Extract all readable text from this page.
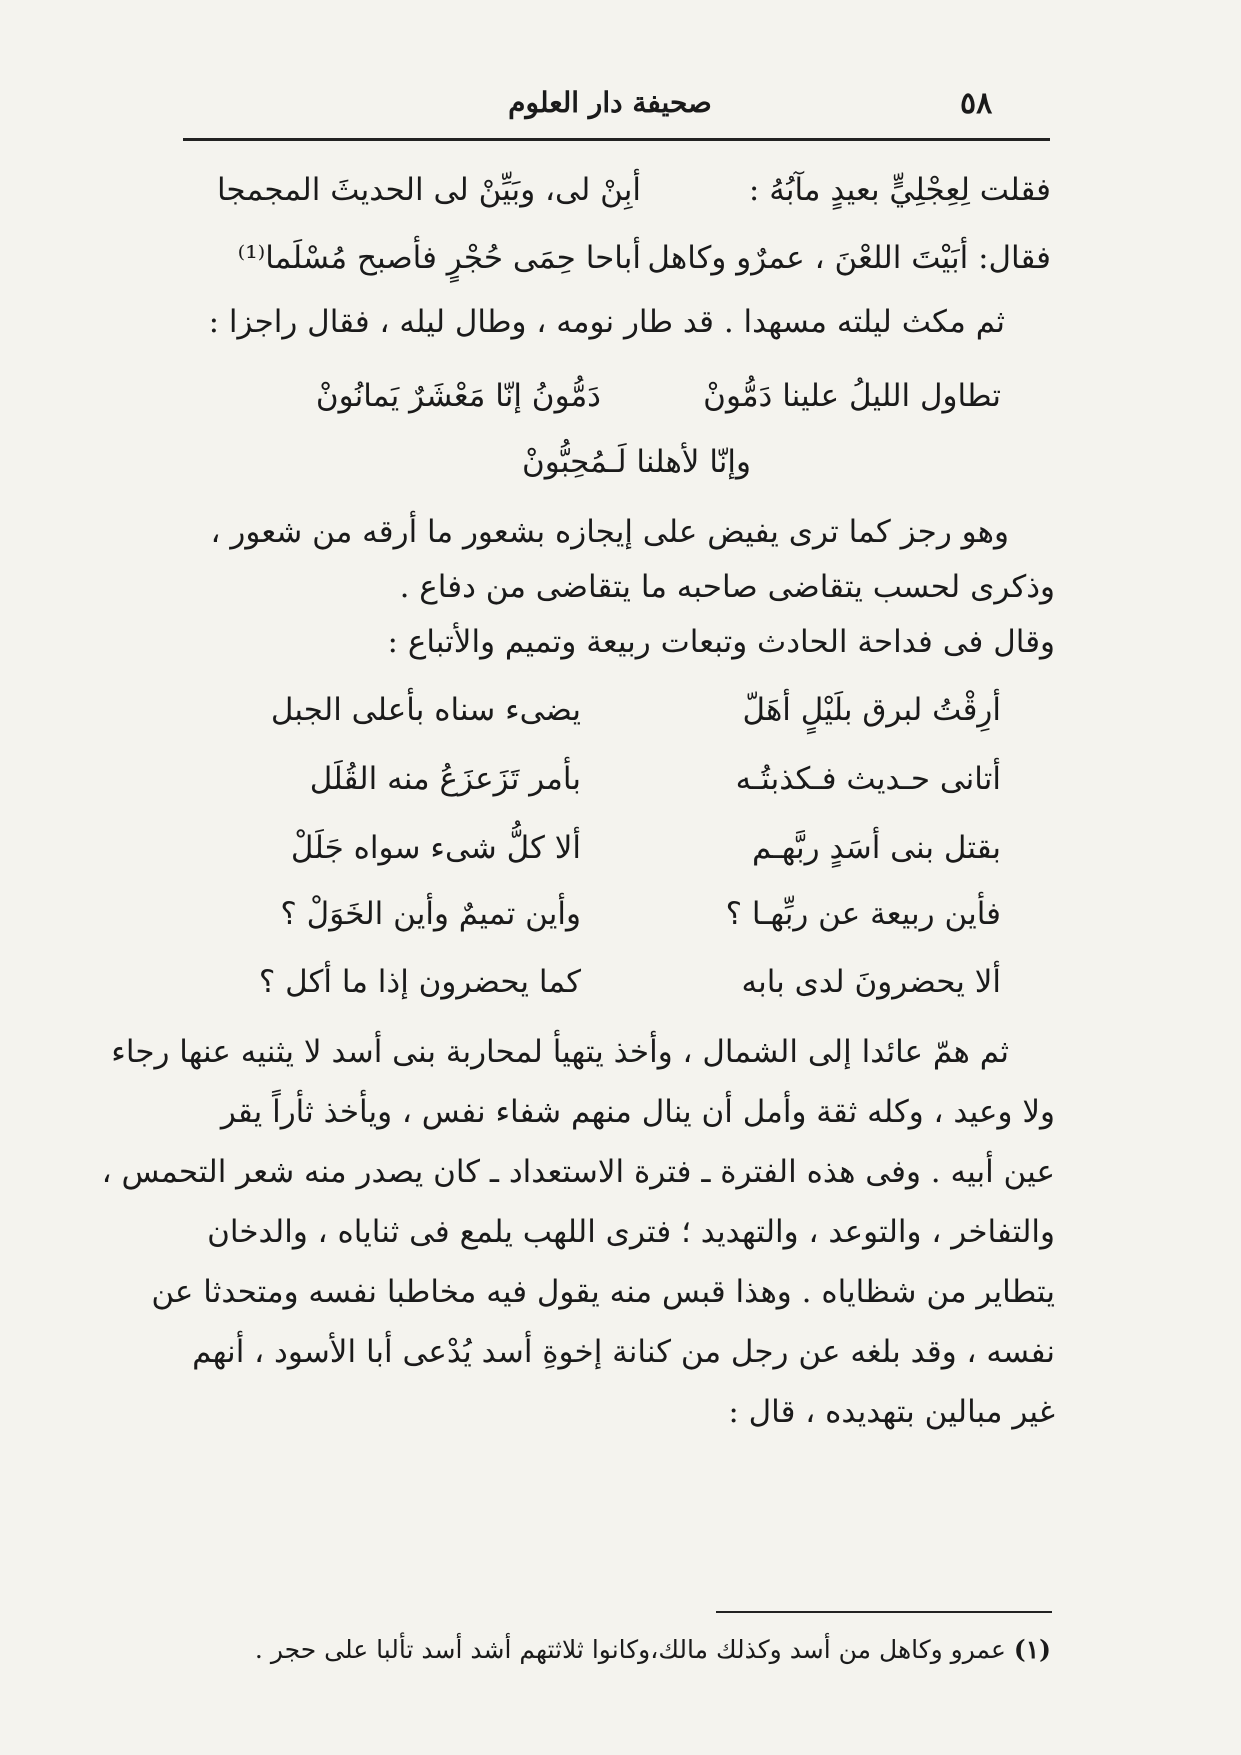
٥٨
صحيفة دار العلوم
فقلت لِعِجْلِيٍّ بعيدٍ مآبُهُ :
أبِنْ لى، وبَيِّنْ لى الحديثَ المجمجا
فقال: أبَيْتَ اللعْنَ ، عمرٌو وكاهل
أباحا حِمَى حُجْرٍ فأصبح مُسْلَما⁽¹⁾
ثم مكث ليلته مسهدا . قد طار نومه ، وطال ليله ، فقال راجزا :
تطاول الليلُ علينا دَمُّونْ
دَمُّونُ إنّا مَعْشَرٌ يَمانُونْ
وإنّا لأهلنا لَـمُحِبُّونْ
وهو رجز كما ترى يفيض على إيجازه بشعور ما أرقه من شعور ،
وذكرى لحسب يتقاضى صاحبه ما يتقاضى من دفاع .
وقال فى فداحة الحادث وتبعات ربيعة وتميم والأتباع :
أرِقْتُ لبرق بلَيْلٍ أهَلّ
يضىء سناه بأعلى الجبل
أتانى حـديث فـكذبتُـه
بأمر تَزَعزَعُ منه القُلَل
بقتل بنى أسَدٍ ربَّهـم
ألا كلُّ شىء سواه جَلَلْ
فأين ربيعة عن ربِّهـا ؟
وأين تميمٌ وأين الخَوَلْ ؟
ألا يحضرونَ لدى بابه
كما يحضرون إذا ما أكل ؟
ثم همّ عائدا إلى الشمال ، وأخذ يتهيأ لمحاربة بنى أسد لا يثنيه عنها رجاء
ولا وعيد ، وكله ثقة وأمل أن ينال منهم شفاء نفس ، ويأخذ ثأراً يقر
عين أبيه . وفى هذه الفترة ـ فترة الاستعداد ـ كان يصدر منه شعر التحمس ،
والتفاخر ، والتوعد ، والتهديد ؛ فترى اللهب يلمع فى ثناياه ، والدخان
يتطاير من شظاياه . وهذا قبس منه يقول فيه مخاطبا نفسه ومتحدثا عن
نفسه ، وقد بلغه عن رجل من كنانة إخوةِ أسد يُدْعى أبا الأسود ، أنهم
غير مبالين بتهديده ، قال :
(١) عمرو وكاهل من أسد وكذلك مالك،وكانوا ثلاثتهم أشد أسد تألبا على حجر .
